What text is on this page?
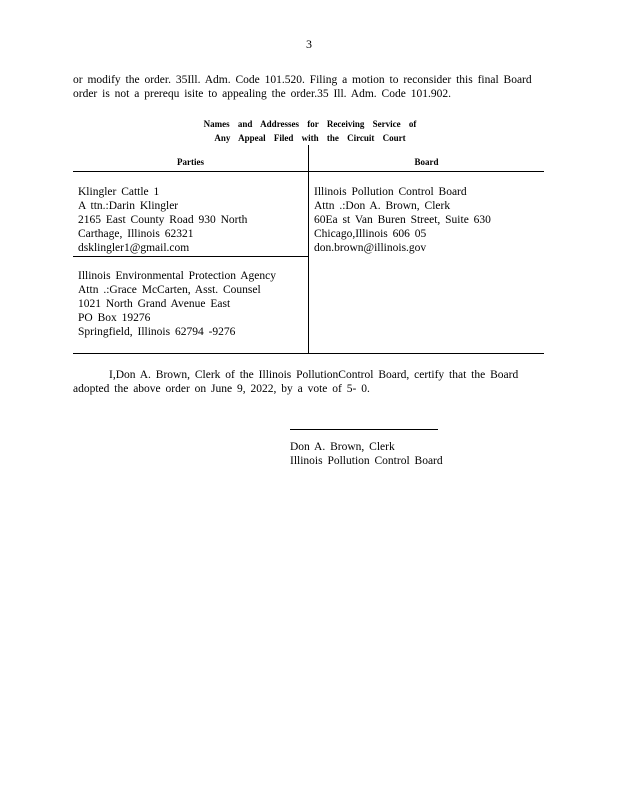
3
or modify the order. 35Ill. Adm. Code 101.520. Filing a motion to reconsider this final Board order is not a prerequ isite to appealing the order.35 Ill. Adm. Code 101.902.
Names and Addresses for Receiving Service of
Any Appeal Filed with the Circuit Court
Parties	Board
Klingler Cattle 1
A ttn.:Darin Klingler
2165 East County Road 930 North
Carthage, Illinois 62321
dsklingler1@gmail.com
Illinois Environmental Protection Agency
Attn .:Grace McCarten, Asst. Counsel
1021 North Grand Avenue East
PO Box 19276
Springfield, Illinois 62794 -9276
Illinois Pollution Control Board
Attn .:Don A. Brown, Clerk
60Ea st Van Buren Street, Suite 630
Chicago,Illinois 606 05
don.brown@illinois.gov
I,Don A. Brown, Clerk of the Illinois PollutionControl Board, certify that the Board adopted the above order on June 9, 2022, by a vote of 5- 0.
Don A. Brown, Clerk
Illinois Pollution Control Board
